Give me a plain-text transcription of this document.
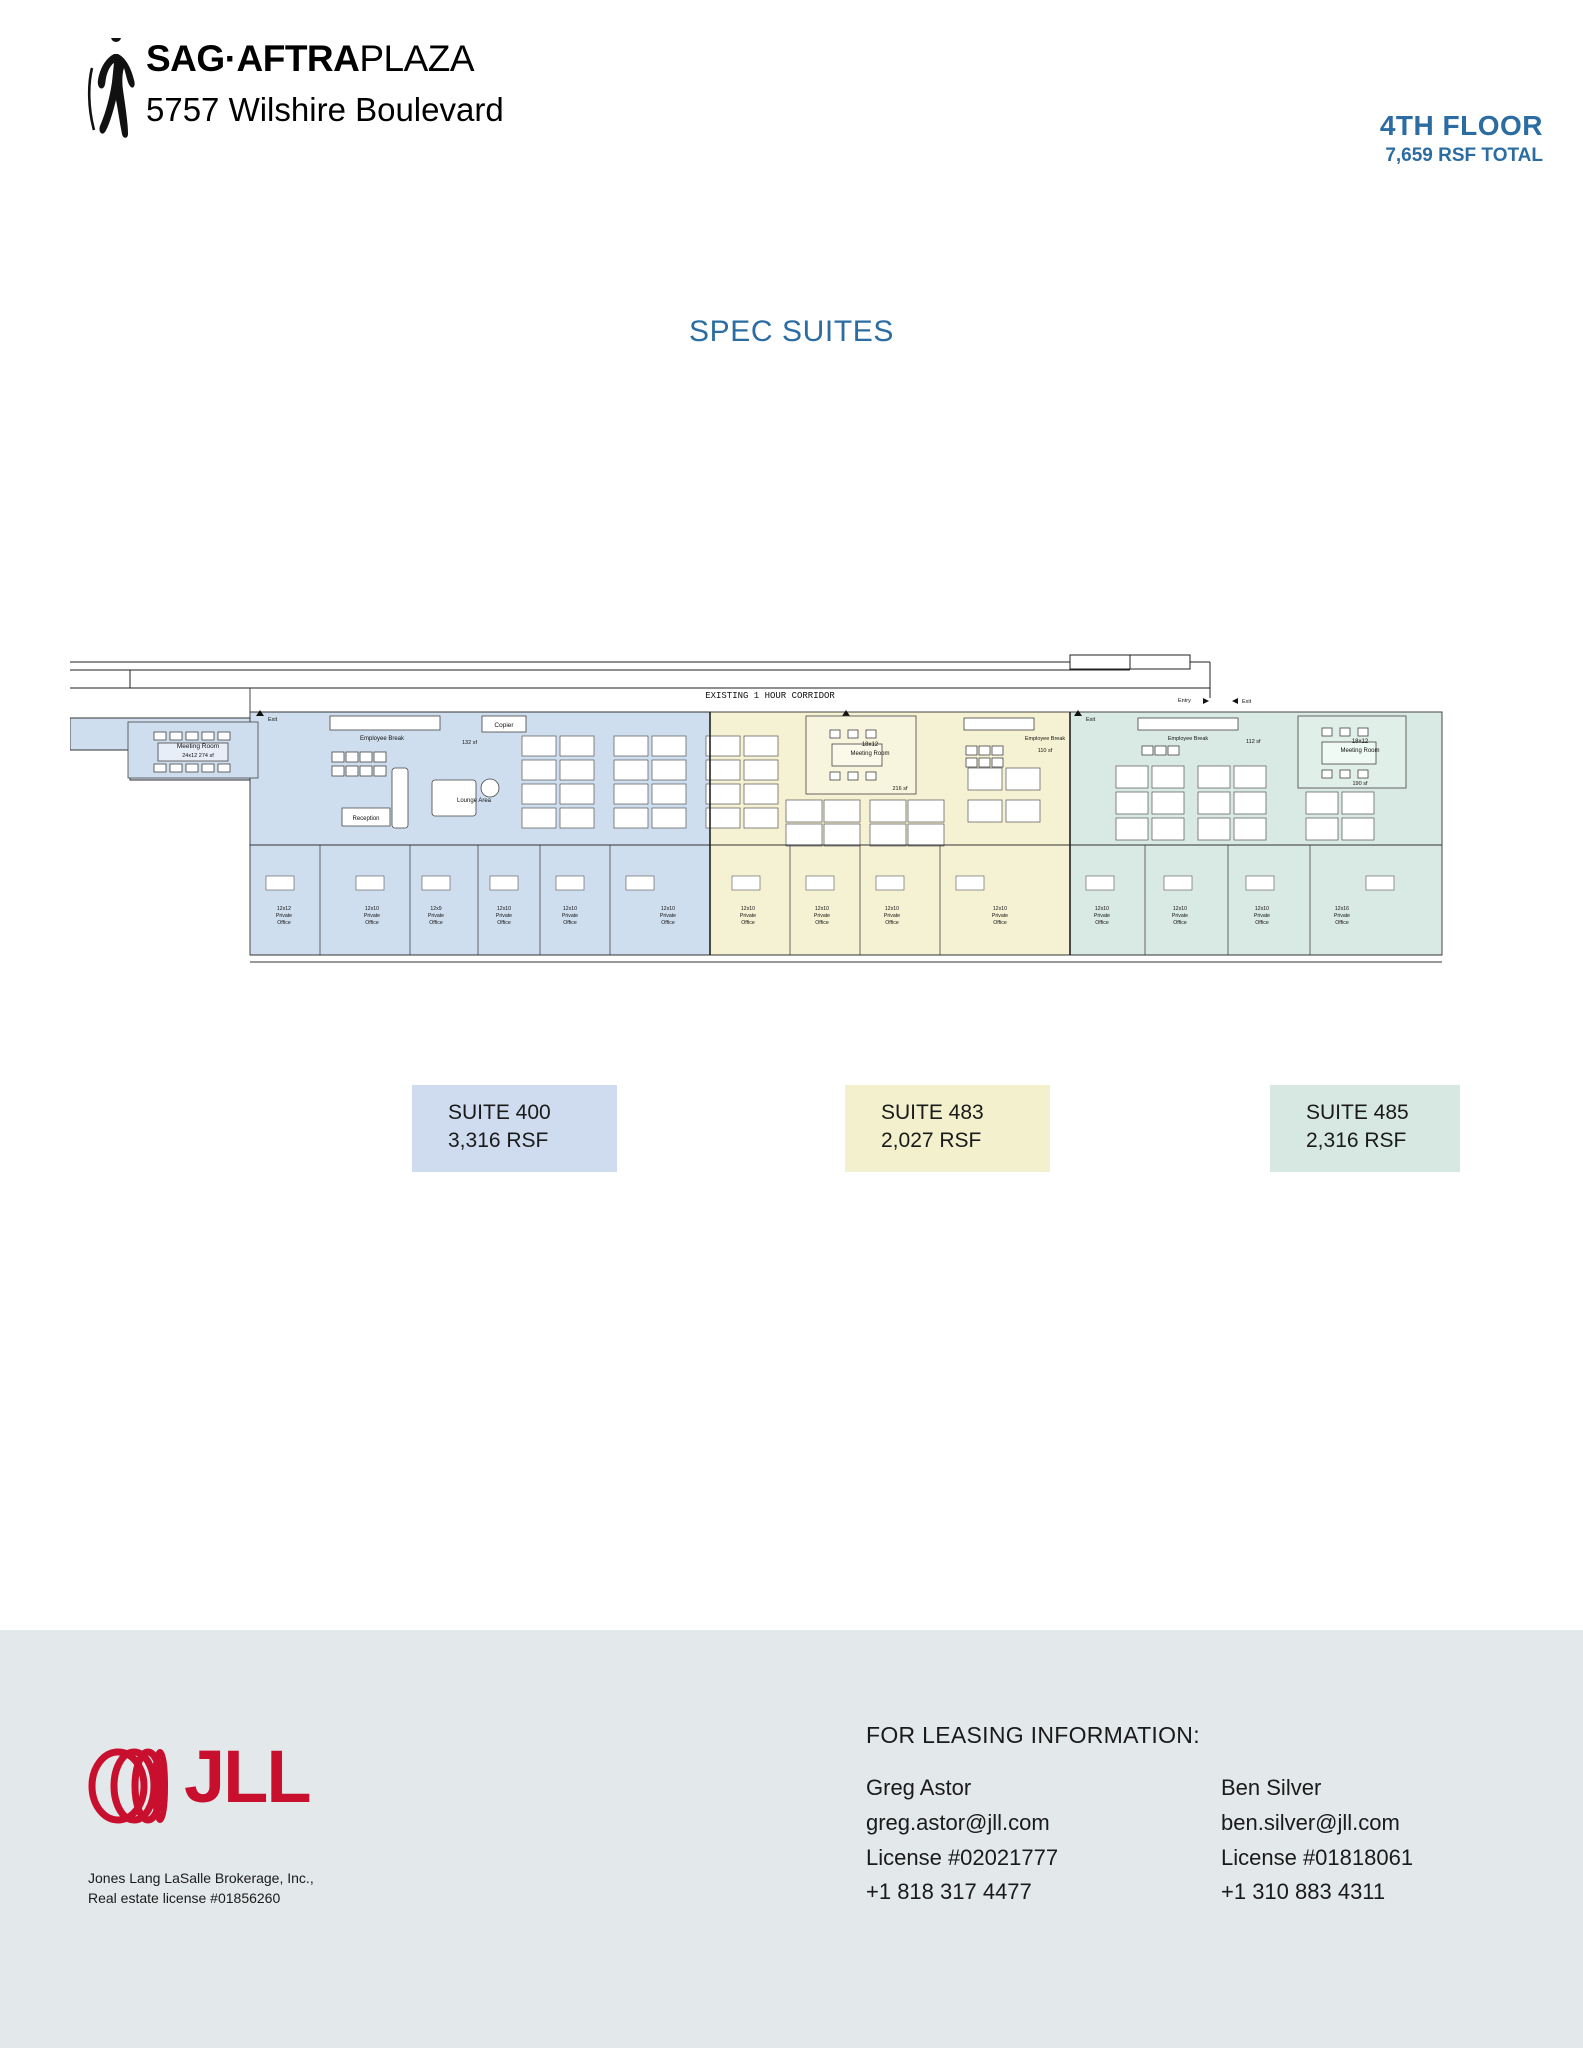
SAG·AFTRAPLAZA
5757 Wilshire Boulevard	4TH FLOOR
7,659 RSF TOTAL
SPEC SUITES
EXISTING 1 HOUR CORRIDOR
Meeting Room
24x12 274 sf
Exit	Exit
Entry	Exit
Employee Break
132 sf
Copier
Lounge Area
Reception
18x12
Meeting Room
216 sf
Employee Break
110 sf
Employee Break	112 sf	18x12
Meeting Room
190 sf
12x12
Private
Office
12x10
Private
Office
12x9
Private
Office
12x10
Private
Office
12x10
Private
Office
12x10
Private
Office
12x10
Private
Office
12x10
Private
Office
12x10
Private
Office
12x10
Private
Office
12x10
Private
Office
12x10
Private
Office
12x10
Private
Office
12x16
Private
Office
SUITE 400
3,316 RSF
SUITE 483
2,027 RSF
SUITE 485
2,316 RSF
JLL
Jones Lang LaSalle Brokerage, Inc.,
Real estate license #01856260
FOR LEASING INFORMATION:
Greg Astor
greg.astor@jll.com
License #02021777
+1 818 317 4477
Ben Silver
ben.silver@jll.com
License #01818061
+1 310 883 4311
